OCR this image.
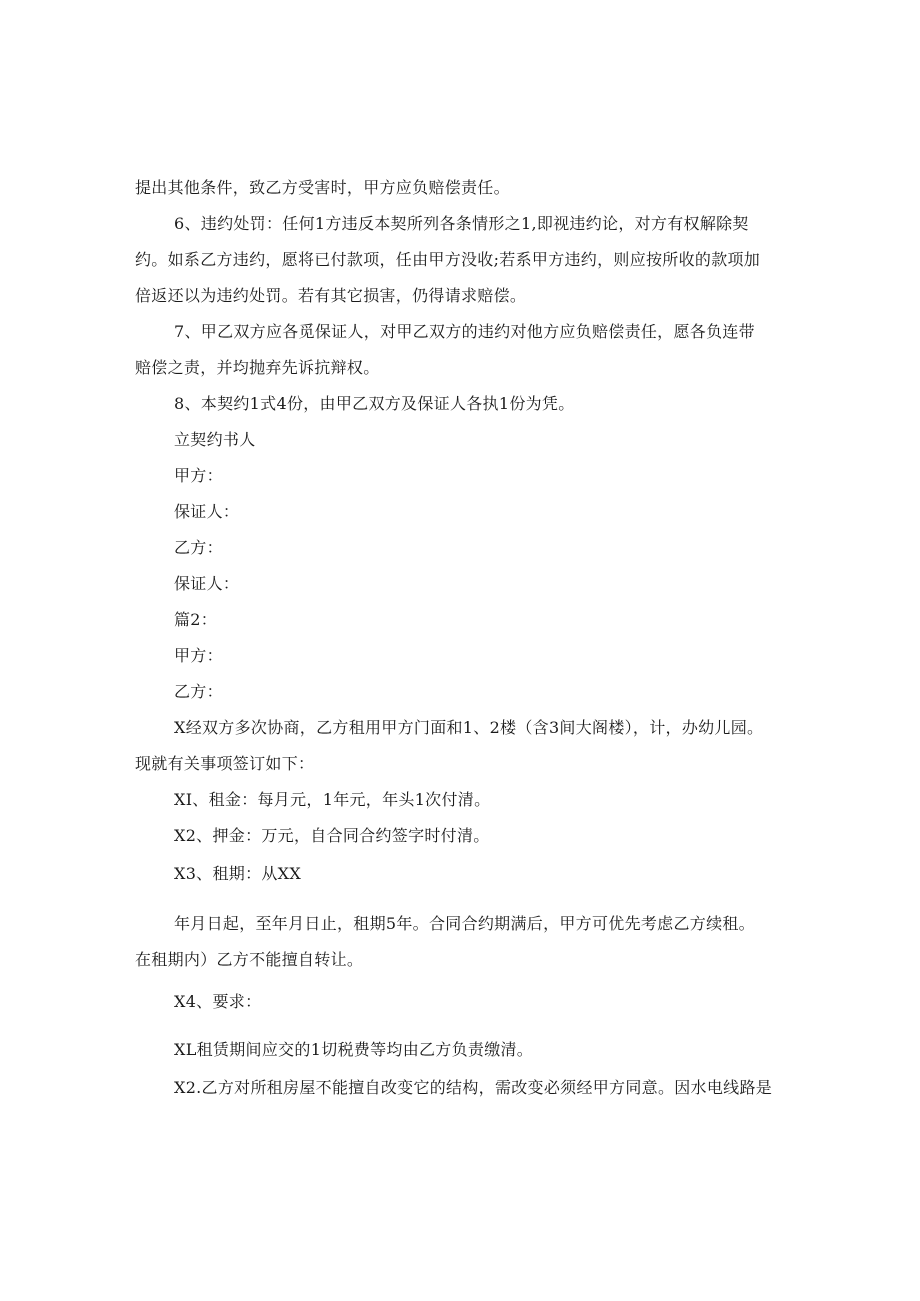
提出其他条件，致乙方受害时，甲方应负赔偿责任。
6、违约处罚：任何1方违反本契所列各条情形之1,即视违约论，对方有权解除契
约。如系乙方违约，愿将已付款项，任由甲方没收;若系甲方违约，则应按所收的款项加
倍返还以为违约处罚。若有其它损害，仍得请求赔偿。
7、甲乙双方应各觅保证人，对甲乙双方的违约对他方应负赔偿责任，愿各负连带
赔偿之责，并均抛弃先诉抗辩权。
8、本契约1式4份，由甲乙双方及保证人各执1份为凭。
立契约书人
甲方：
保证人：
乙方：
保证人：
篇2：
甲方：
乙方：
X经双方多次协商，乙方租用甲方门面和1、2楼（含3间大阁楼），计，办幼儿园。
现就有关事项签订如下：
XI、租金：每月元，1年元，年头1次付清。
X2、押金：万元，自合同合约签字时付清。
X3、租期：从XX
年月日起，至年月日止，租期5年。合同合约期满后，甲方可优先考虑乙方续租。
在租期内）乙方不能擅自转让。
X4、要求：
XL租赁期间应交的1切税费等均由乙方负责缴清。
X2.乙方对所租房屋不能擅自改变它的结构，需改变必须经甲方同意。因水电线路是
